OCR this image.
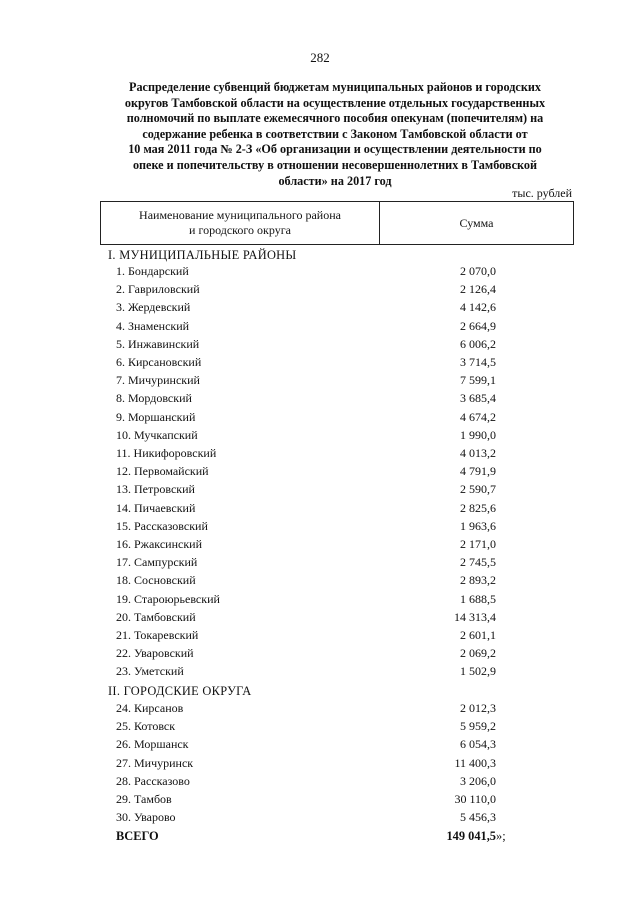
282
Распределение субвенций бюджетам муниципальных районов и городских
округов Тамбовской области на осуществление отдельных государственных
полномочий по выплате ежемесячного пособия опекунам (попечителям) на
содержание ребенка в соответствии с Законом Тамбовской области от
10 мая 2011 года № 2-З «Об организации и осуществлении деятельности по
опеке и попечительству в отношении несовершеннолетних в Тамбовской
области» на 2017 год
тыс. рублей
Наименование муниципального района
и городского округа
Сумма
I. МУНИЦИПАЛЬНЫЕ РАЙОНЫ
1. Бондарский	2 070,0
2. Гавриловский	2 126,4
3. Жердевский	4 142,6
4. Знаменский	2 664,9
5. Инжавинский	6 006,2
6. Кирсановский	3 714,5
7. Мичуринский	7 599,1
8. Мордовский	3 685,4
9. Моршанский	4 674,2
10. Мучкапский	1 990,0
11. Никифоровский	4 013,2
12. Первомайский	4 791,9
13. Петровский	2 590,7
14. Пичаевский	2 825,6
15. Рассказовский	1 963,6
16. Ржаксинский	2 171,0
17. Сампурский	2 745,5
18. Сосновский	2 893,2
19. Староюрьевский	1 688,5
20. Тамбовский	14 313,4
21. Токаревский	2 601,1
22. Уваровский	2 069,2
23. Уметский	1 502,9
II. ГОРОДСКИЕ ОКРУГА
24. Кирсанов	2 012,3
25. Котовск	5 959,2
26. Моршанск	6 054,3
27. Мичуринск	11 400,3
28. Рассказово	3 206,0
29. Тамбов	30 110,0
30. Уварово	5 456,3
ВСЕГО	149 041,5 »;
